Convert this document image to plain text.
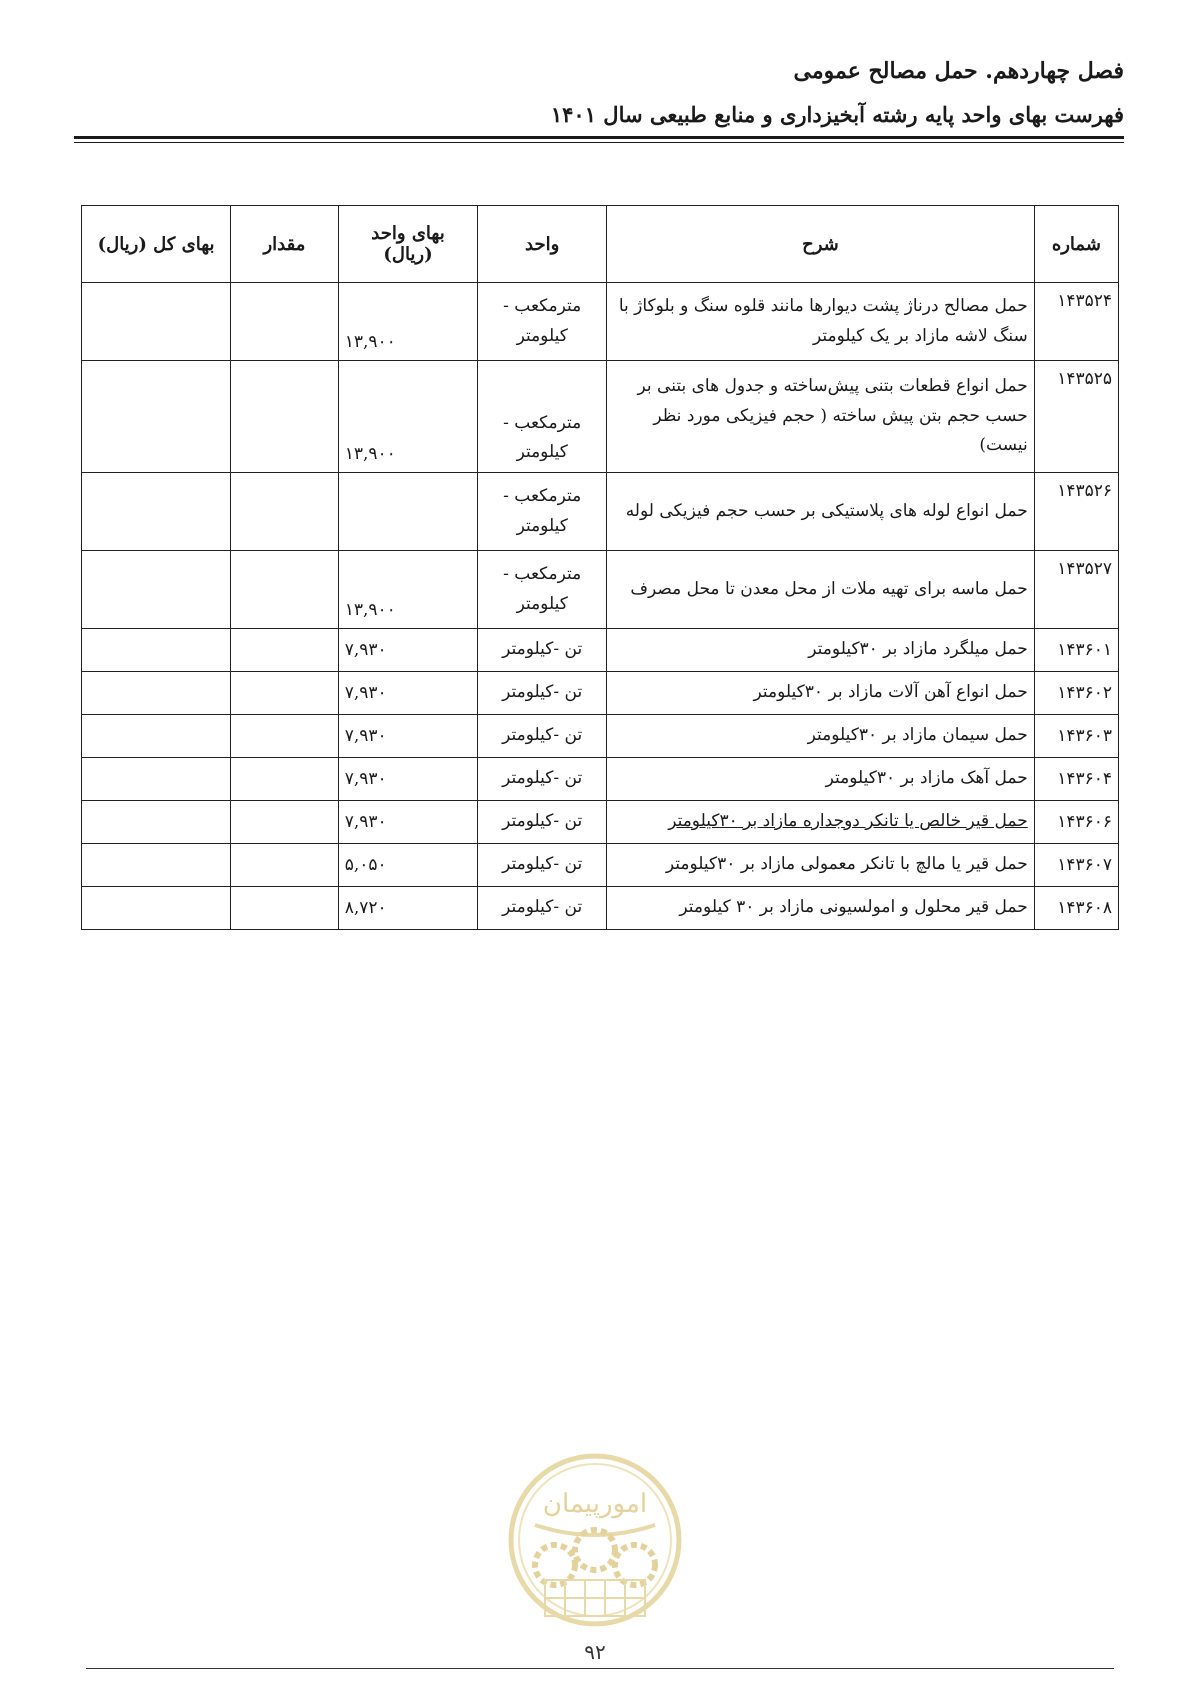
فصل چهاردهم. حمل مصالح عمومی
فهرست بهای واحد پایه رشته آبخیزداری و منابع طبیعی سال ۱۴۰۱
شماره	شرح	واحد	بهای واحد (ریال)	مقدار	بهای کل (ریال)
۱۴۳۵۲۴	حمل مصالح درناژ پشت دیوارها مانند قلوه سنگ و بلوکاژ با سنگ لاشه مازاد بر یک کیلومتر	مترمکعب - کیلومتر	۱۳,۹۰۰		
۱۴۳۵۲۵	حمل انواع قطعات بتنی پیش‌ساخته و جدول های بتنی بر حسب حجم بتن پیش ساخته ( حجم فیزیکی مورد نظر نیست)	مترمکعب - کیلومتر	۱۳,۹۰۰		
۱۴۳۵۲۶	حمل انواع لوله های پلاستیکی بر حسب حجم فیزیکی لوله	مترمکعب - کیلومتر			
۱۴۳۵۲۷	حمل ماسه برای تهیه ملات از محل معدن تا محل مصرف	مترمکعب - کیلومتر	۱۳,۹۰۰		
۱۴۳۶۰۱	حمل میلگرد مازاد بر ۳۰کیلومتر	تن -کیلومتر	۷,۹۳۰		
۱۴۳۶۰۲	حمل انواع آهن آلات مازاد بر ۳۰کیلومتر	تن -کیلومتر	۷,۹۳۰		
۱۴۳۶۰۳	حمل سیمان مازاد بر ۳۰کیلومتر	تن -کیلومتر	۷,۹۳۰		
۱۴۳۶۰۴	حمل آهک مازاد بر ۳۰کیلومتر	تن -کیلومتر	۷,۹۳۰		
۱۴۳۶۰۶	حمل قیر خالص یا تانکر دوجداره مازاد بر ۳۰کیلومتر	تن -کیلومتر	۷,۹۳۰		
۱۴۳۶۰۷	حمل قیر یا مالچ با تانکر معمولی مازاد بر ۳۰کیلومتر	تن -کیلومتر	۵,۰۵۰		
۱۴۳۶۰۸	حمل قیر محلول و امولسیونی مازاد بر ۳۰ کیلومتر	تن -کیلومتر	۸,۷۲۰		
امورپیمان
۹۲
